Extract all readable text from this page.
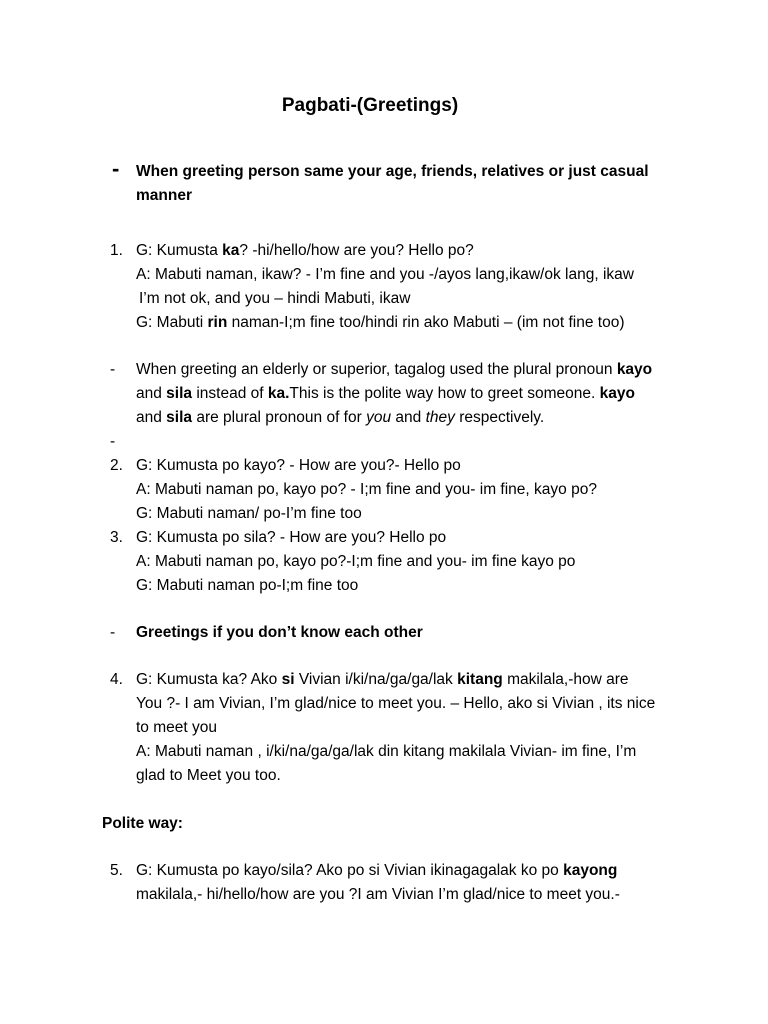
Pagbati-(Greetings)
- When greeting person same your age, friends, relatives or just casual
manner
1. G: Kumusta ka? -hi/hello/how are you? Hello po?
A: Mabuti naman, ikaw? - I’m fine and you -/ayos lang,ikaw/ok lang, ikaw
I’m not ok, and you – hindi Mabuti, ikaw
G: Mabuti rin naman-I;m fine too/hindi rin ako Mabuti – (im not fine too)
- When greeting an elderly or superior, tagalog used the plural pronoun kayo
and sila instead of ka.This is the polite way how to greet someone. kayo
and sila are plural pronoun of for you and they respectively.
-
2. G: Kumusta po kayo? - How are you?- Hello po
A: Mabuti naman po, kayo po? - I;m fine and you- im fine, kayo po?
G: Mabuti naman/ po-I’m fine too
3. G: Kumusta po sila? - How are you? Hello po
A: Mabuti naman po, kayo po?-I;m fine and you- im fine kayo po
G: Mabuti naman po-I;m fine too
- Greetings if you don’t know each other
4. G: Kumusta ka? Ako si Vivian i/ki/na/ga/ga/lak kitang makilala,-how are
You ?- I am Vivian, I’m glad/nice to meet you. – Hello, ako si Vivian , its nice
to meet you
A: Mabuti naman , i/ki/na/ga/ga/lak din kitang makilala Vivian- im fine, I’m
glad to Meet you too.
Polite way:
5. G: Kumusta po kayo/sila? Ako po si Vivian ikinagagalak ko po kayong
makilala,- hi/hello/how are you ?I am Vivian I’m glad/nice to meet you.-
